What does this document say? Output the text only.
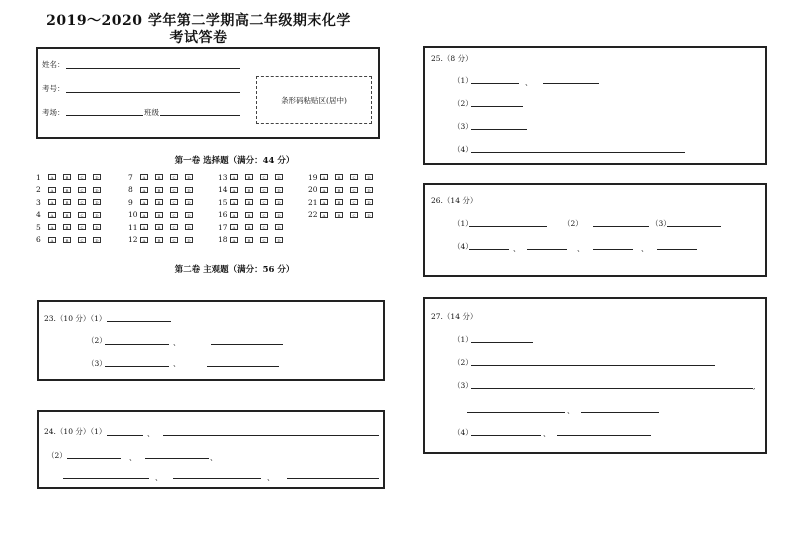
2019～2020 学年第二学期高二年级期末化学
考试答卷
姓名：
考号：
考场：	班级
条形码粘贴区(居中)
第一卷 选择题（满分：44 分）
1	A	B	C	D
2	A	B	C	D
3	A	B	C	D
4	A	B	C	D
5	A	B	C	D
6	A	B	C	D
7	A	B	C	D
8	A	B	C	D
9	A	B	C	D
10	A	B	C	D
11	A	B	C	D
12	A	B	C	D
13	A	B	C	D
14	A	B	C	D
15	A	B	C	D
16	A	B	C	D
17	A	B	C	D
18	A	B	C	D
19	A	B	C	D
20	A	B	C	D
21	A	B	C	D
22	A	B	C	D
第二卷 主观题（满分：56 分）
23.（10 分）（1）
（2）	、
（3）	、
24.（10 分）（1）	、
（2）	、	、
、	、
25.（8 分）
（1）	、
（2）
（3）
（4）
26.（14 分）
（1）	（2）	（3）
（4）	、	、	、
27.（14 分）
（1）
（2）
（3）	,
、
（4）	、
